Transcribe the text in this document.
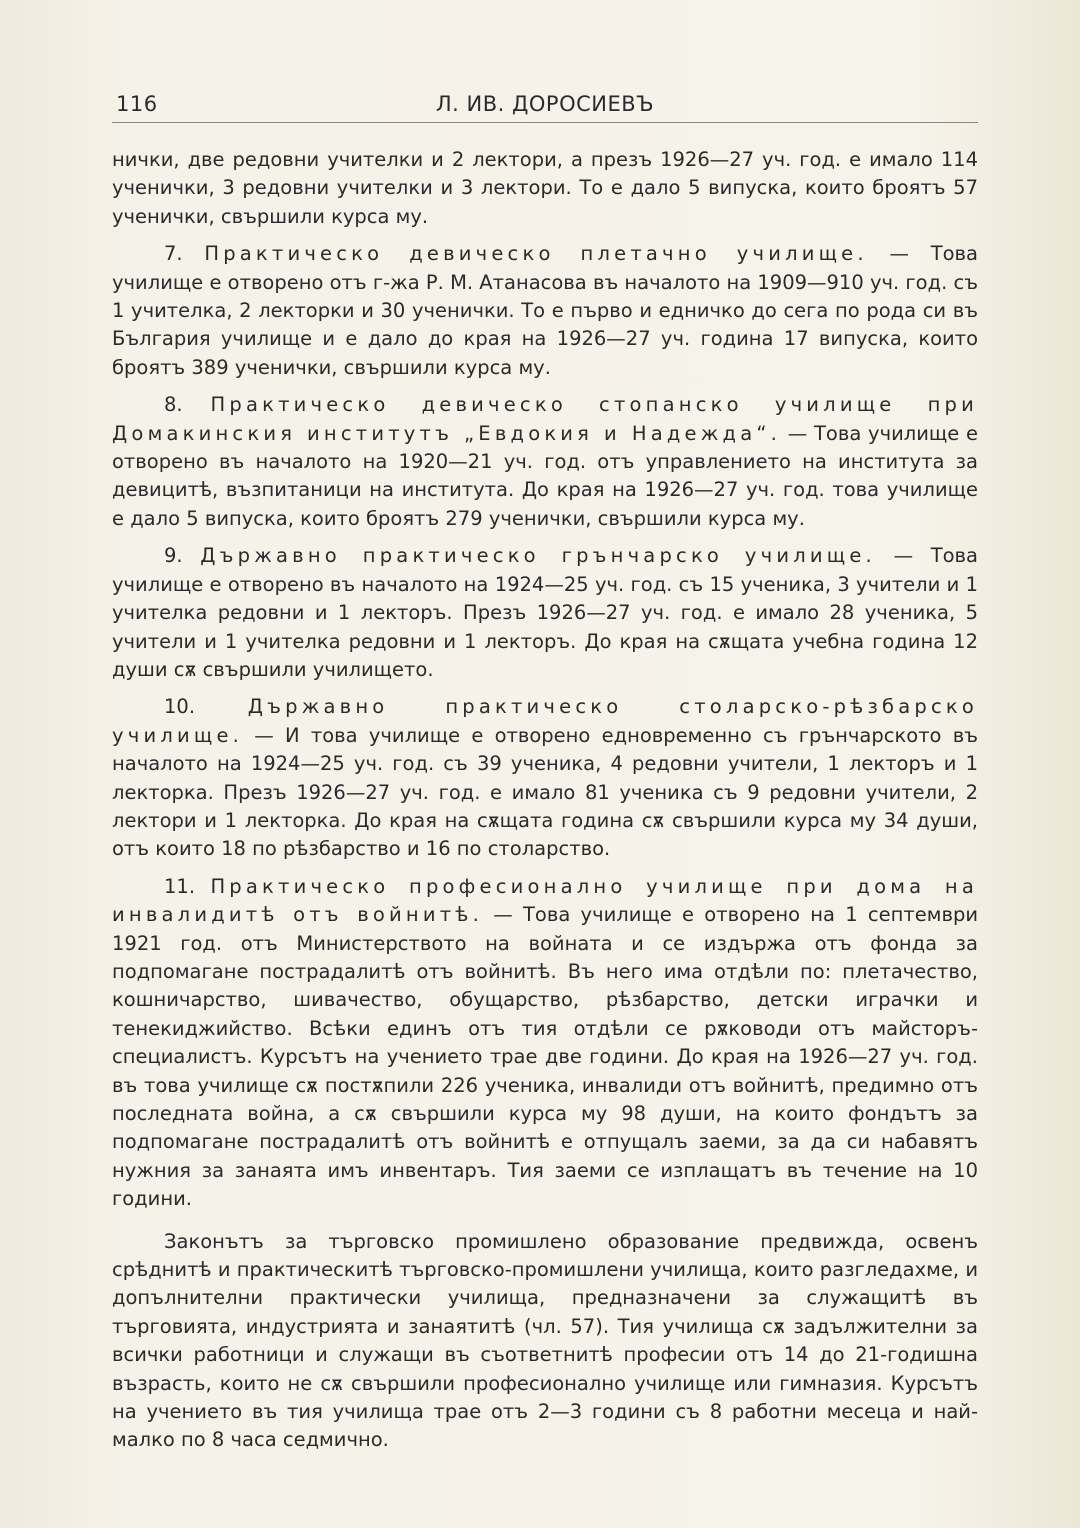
116	Л. ИВ. ДОРОСИЕВЪ

нички, две редовни учителки и 2 лектори, а презъ 1926—27 уч. год. е имало 114 ученички, 3 редовни учителки и 3 лектори. То е дало 5 випуска, които броятъ 57 ученички, свършили курса му.

7. Практическо девическо плетачно училище. — Това училище е отворено отъ г-жа Р. М. Атанасова въ началото на 1909—910 уч. год. съ 1 учителка, 2 лекторки и 30 ученички. То е първо и едничко до сега по рода си въ България училище и е дало до края на 1926—27 уч. година 17 випуска, които броятъ 389 ученички, свършили курса му.

8. Практическо девическо стопанско училище при Домакинския институтъ „Евдокия и Надежда“. — Това училище е отворено въ началото на 1920—21 уч. год. отъ управлението на института за девицитѣ, възпитаници на института. До края на 1926—27 уч. год. това училище е дало 5 випуска, които броятъ 279 ученички, свършили курса му.

9. Държавно практическо грънчарско училище. — Това училище е отворено въ началото на 1924—25 уч. год. съ 15 ученика, 3 учители и 1 учителка редовни и 1 лекторъ. Презъ 1926—27 уч. год. е имало 28 ученика, 5 учители и 1 учителка редовни и 1 лекторъ. До края на сѫщата учебна година 12 души сѫ свършили училището.

10.	Държавно практическо столарско-рѣзбарско училище. — И това училище е отворено едновременно съ грънчарското въ началото на 1924—25 уч. год. съ 39 ученика, 4 редовни учители, 1 лекторъ и 1 лекторка. Презъ 1926—27 уч. год. е имало 81 ученика съ 9 редовни учители, 2 лектори и 1 лекторка. До края на сѫщата година сѫ свършили курса му 34 души, отъ които 18 по рѣзбарство и 16 по столарство.

11. Практическо професионално училище при дома на инвалидитѣ отъ войнитѣ. — Това училище е отворено на 1 септември 1921 год. отъ Министерството на войната и се издържа отъ фонда за подпомагане пострадалитѣ отъ войнитѣ. Въ него има отдѣли по: плетачество, кошничарство, шивачество, обущарство, рѣзбарство, детски играчки и тенекиджийство. Всѣки единъ отъ тия отдѣли се рѫководи отъ майсторъ-специалистъ. Курсътъ на учението трае две години. До края на 1926—27 уч. год. въ това училище сѫ постѫпили 226 ученика, инвалиди отъ войнитѣ, предимно отъ последната война, а сѫ свършили курса му 98 души, на които фондътъ за подпомагане пострадалитѣ отъ войнитѣ е отпущалъ заеми, за да си набавятъ нужния за занаята имъ инвентаръ. Тия заеми се изплащатъ въ течение на 10 години.

Законътъ за търговско промишлено образование предвижда, освенъ срѣднитѣ и практическитѣ търговско-промишлени училища, които разгледахме, и допълнителни практически училища, предназначени за служащитѣ въ търговията, индустрията и занаятитѣ (чл. 57). Тия училища сѫ задължителни за всички работници и служащи въ съответнитѣ професии отъ 14 до 21-годишна възрасть, които не сѫ свършили професионално училище или гимназия. Курсътъ на учението въ тия училища трае отъ 2—3 години съ 8 работни месеца и най-малко по 8 часа седмично.
